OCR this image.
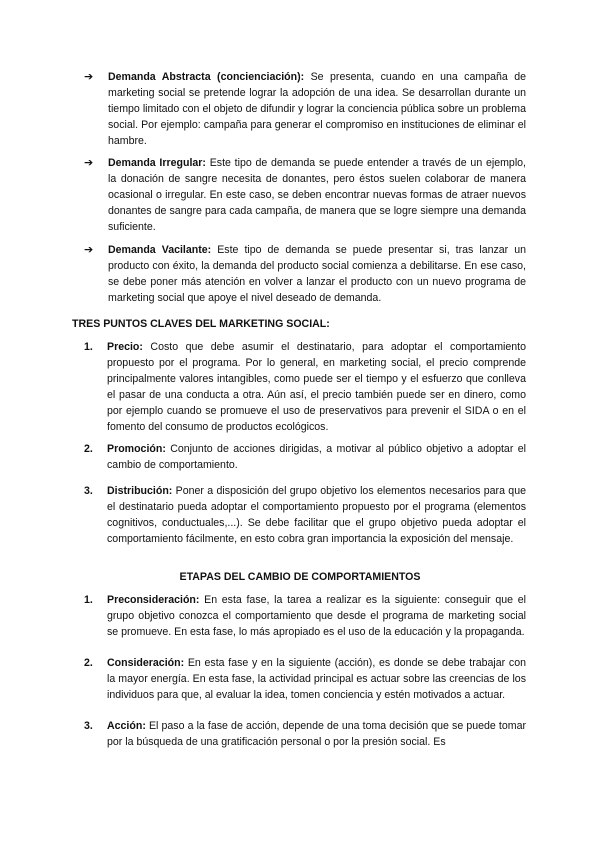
➔ Demanda Abstracta (concienciación): Se presenta, cuando en una campaña de marketing social se pretende lograr la adopción de una idea. Se desarrollan durante un tiempo limitado con el objeto de difundir y lograr la conciencia pública sobre un problema social. Por ejemplo: campaña para generar el compromiso en instituciones de eliminar el hambre.
➔ Demanda Irregular: Este tipo de demanda se puede entender a través de un ejemplo, la donación de sangre necesita de donantes, pero éstos suelen colaborar de manera ocasional o irregular. En este caso, se deben encontrar nuevas formas de atraer nuevos donantes de sangre para cada campaña, de manera que se logre siempre una demanda suficiente.
➔ Demanda Vacilante: Este tipo de demanda se puede presentar si, tras lanzar un producto con éxito, la demanda del producto social comienza a debilitarse. En ese caso, se debe poner más atención en volver a lanzar el producto con un nuevo programa de marketing social que apoye el nivel deseado de demanda.
TRES PUNTOS CLAVES DEL MARKETING SOCIAL:
1.	Precio: Costo que debe asumir el destinatario, para adoptar el comportamiento propuesto por el programa. Por lo general, en marketing social, el precio comprende principalmente valores intangibles, como puede ser el tiempo y el esfuerzo que conlleva el pasar de una conducta a otra. Aún así, el precio también puede ser en dinero, como por ejemplo cuando se promueve el uso de preservativos para prevenir el SIDA o en el fomento del consumo de productos ecológicos.
2.	Promoción: Conjunto de acciones dirigidas, a motivar al público objetivo a adoptar el cambio de comportamiento.
3.	Distribución: Poner a disposición del grupo objetivo los elementos necesarios para que el destinatario pueda adoptar el comportamiento propuesto por el programa (elementos cognitivos, conductuales,...). Se debe facilitar que el grupo objetivo pueda adoptar el comportamiento fácilmente, en esto cobra gran importancia la exposición del mensaje.
ETAPAS DEL CAMBIO DE COMPORTAMIENTOS
1.	Preconsideración: En esta fase, la tarea a realizar es la siguiente: conseguir que el grupo objetivo conozca el comportamiento que desde el programa de marketing social se promueve. En esta fase, lo más apropiado es el uso de la educación y la propaganda.
2.	Consideración: En esta fase y en la siguiente (acción), es donde se debe trabajar con la mayor energía. En esta fase, la actividad principal es actuar sobre las creencias de los individuos para que, al evaluar la idea, tomen conciencia y estén motivados a actuar.
3.	Acción: El paso a la fase de acción, depende de una toma decisión que se puede tomar por la búsqueda de una gratificación personal o por la presión social. Es
